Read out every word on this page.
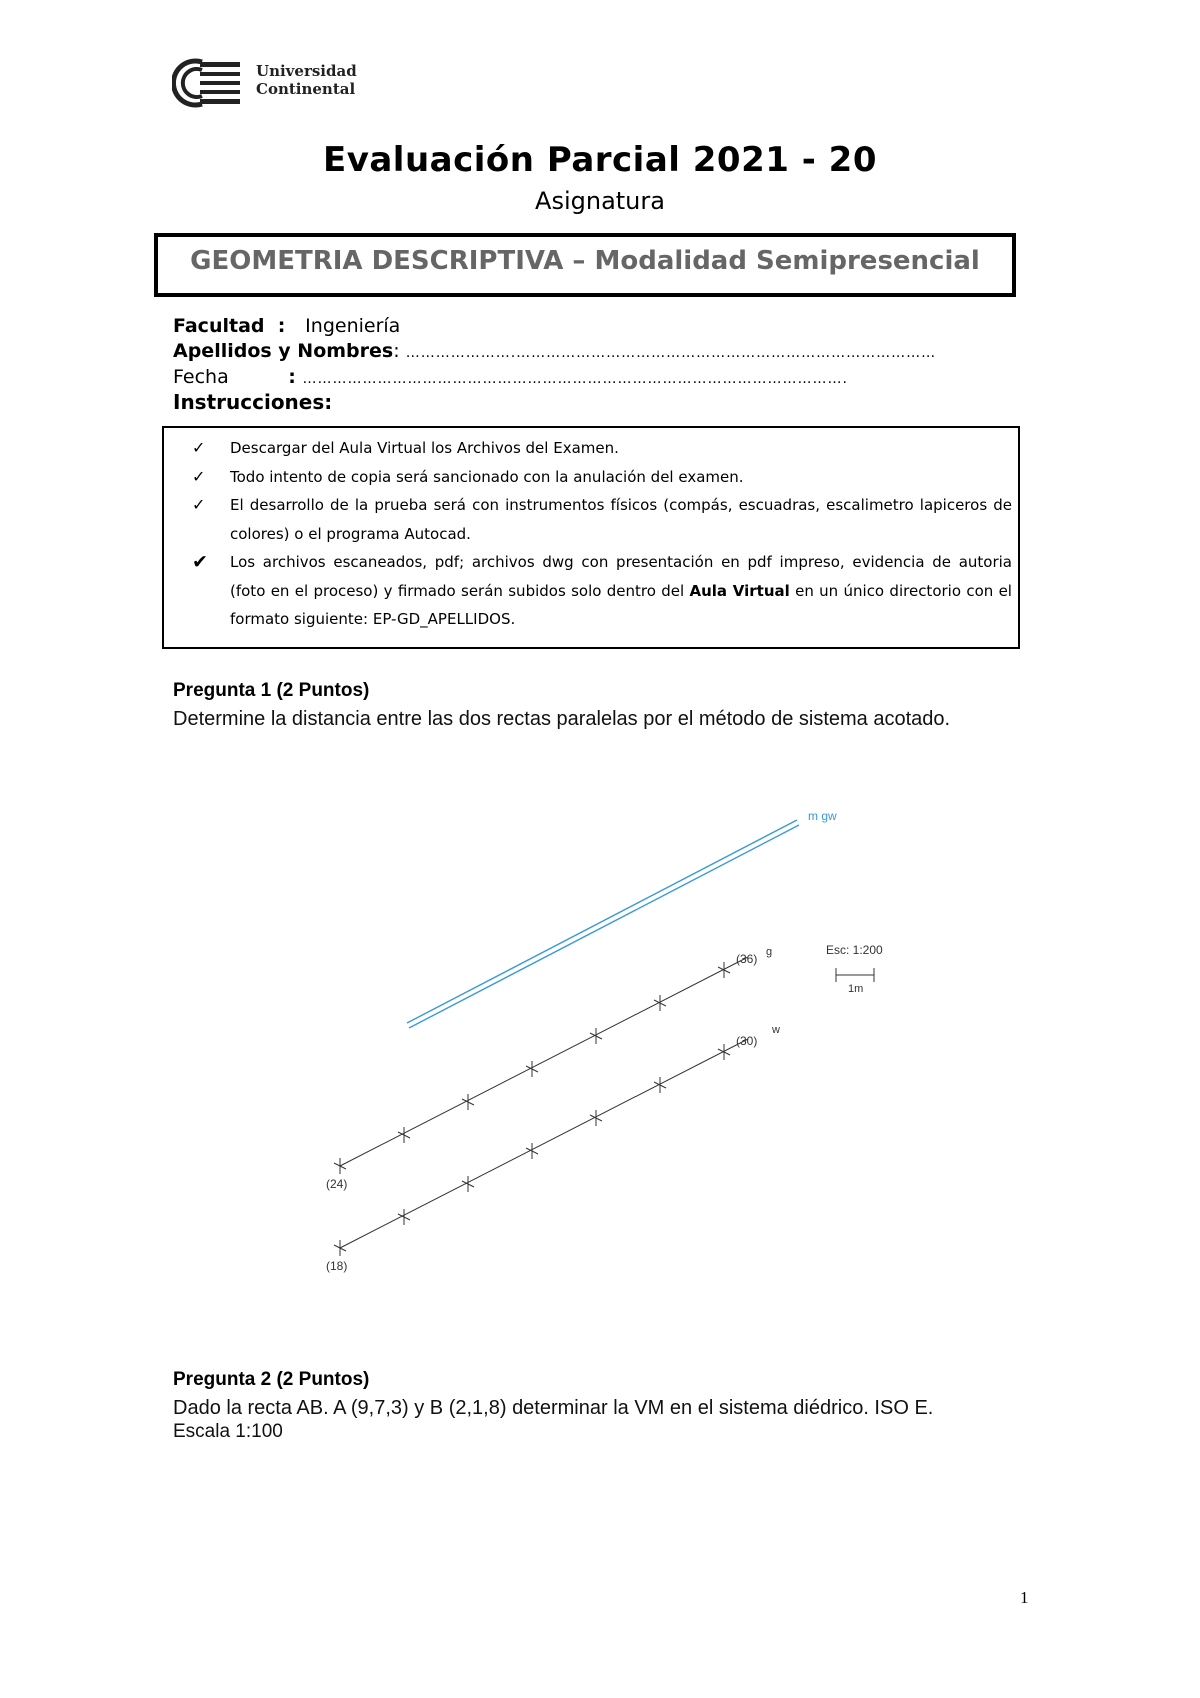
Universidad
Continental
Evaluación Parcial 2021 - 20
Asignatura
GEOMETRIA DESCRIPTIVA – Modalidad Semipresencial
Facultad  :   Ingeniería
Apellidos y Nombres: ………………….…………………………………………………………………………
Fecha         : ……………………………………………………………………………………………….
Instrucciones:
✓ Descargar del Aula Virtual los Archivos del Examen.
✓ Todo intento de copia será sancionado con la anulación del examen.
✓ El desarrollo de la prueba será con instrumentos físicos (compás, escuadras, escalimetro lapiceros de colores) o el programa Autocad.
✔ Los archivos escaneados, pdf; archivos dwg con presentación en pdf impreso, evidencia de autoria (foto en el proceso) y firmado serán subidos solo dentro del Aula Virtual en un único directorio con el formato siguiente: EP-GD_APELLIDOS.
Pregunta 1 (2 Puntos)
Determine la distancia entre las dos rectas paralelas por el método de sistema acotado.
m gw
(24)
(36) g
(18)
(30)
w
Esc: 1:200
1m
Pregunta 2 (2 Puntos)
Dado la recta AB. A (9,7,3) y B (2,1,8) determinar la VM en el sistema diédrico. ISO E.
Escala 1:100
1
